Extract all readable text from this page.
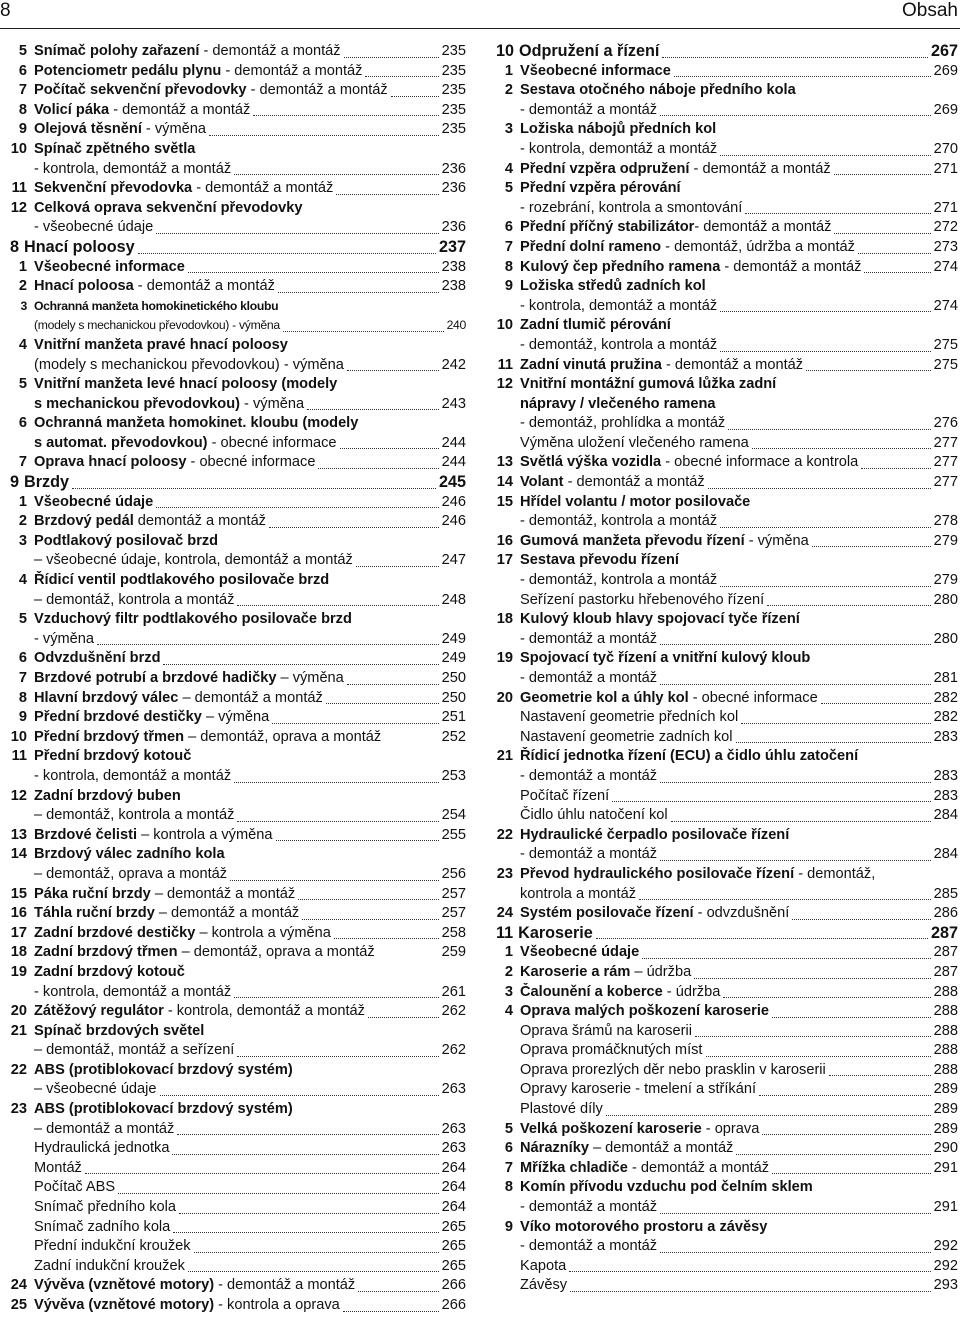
8	Obsah
5 Snímač polohy zařazení - demontáž a montáž	235
6 Potenciometr pedálu plynu - demontáž a montáž	235
7 Počítač sekvenční převodovky - demontáž a montáž	235
8 Volicí páka - demontáž a montáž	235
9 Olejová těsnění - výměna	235
10 Spínač zpětného světla
- kontrola, demontáž a montáž	236
11 Sekvenční převodovka - demontáž a montáž	236
12 Celková oprava sekvenční převodovky
- všeobecné údaje	236
8 Hnací poloosy	237
1 Všeobecné informace	238
2 Hnací poloosa - demontáž a montáž	238
3 Ochranná manžeta homokinetického kloubu
(modely s mechanickou převodovkou) - výměna	240
4 Vnitřní manžeta pravé hnací poloosy
(modely s mechanickou převodovkou) - výměna	242
5 Vnitřní manžeta levé hnací poloosy (modely
s mechanickou převodovkou) - výměna	243
6 Ochranná manžeta homokinet. kloubu (modely
s automat. převodovkou) - obecné informace	244
7 Oprava hnací poloosy - obecné informace	244
9 Brzdy	245
1 Všeobecné údaje	246
2 Brzdový pedál demontáž a montáž	246
3 Podtlakový posilovač brzd
– všeobecné údaje, kontrola, demontáž a montáž	247
4 Řídicí ventil podtlakového posilovače brzd
– demontáž, kontrola a montáž	248
5 Vzduchový filtr podtlakového posilovače brzd
- výměna	249
6 Odvzdušnění brzd	249
7 Brzdové potrubí a brzdové hadičky – výměna	250
8 Hlavní brzdový válec – demontáž a montáž	250
9 Přední brzdové destičky – výměna	251
10 Přední brzdový třmen – demontáž, oprava a montáž	252
11 Přední brzdový kotouč
- kontrola, demontáž a montáž	253
12 Zadní brzdový buben
– demontáž, kontrola a montáž	254
13 Brzdové čelisti – kontrola a výměna	255
14 Brzdový válec zadního kola
– demontáž, oprava a montáž	256
15 Páka ruční brzdy – demontáž a montáž	257
16 Táhla ruční brzdy – demontáž a montáž	257
17 Zadní brzdové destičky – kontrola a výměna	258
18 Zadní brzdový třmen – demontáž, oprava a montáž	259
19 Zadní brzdový kotouč
- kontrola, demontáž a montáž	261
20 Zátěžový regulátor - kontrola, demontáž a montáž	262
21 Spínač brzdových světel
– demontáž, montáž a seřízení	262
22 ABS (protiblokovací brzdový systém)
– všeobecné údaje	263
23 ABS (protiblokovací brzdový systém)
– demontáž a montáž	263
Hydraulická jednotka	263
Montáž	264
Počítač ABS	264
Snímač předního kola	264
Snímač zadního kola	265
Přední indukční kroužek	265
Zadní indukční kroužek	265
24 Vývěva (vznětové motory) - demontáž a montáž	266
25 Vývěva (vznětové motory) - kontrola a oprava	266
10 Odpružení a řízení	267
1 Všeobecné informace	269
2 Sestava otočného náboje předního kola
- demontáž a montáž	269
3 Ložiska nábojů předních kol
- kontrola, demontáž a montáž	270
4 Přední vzpěra odpružení - demontáž a montáž	271
5 Přední vzpěra pérování
- rozebrání, kontrola a smontování	271
6 Přední příčný stabilizátor- demontáž a montáž	272
7 Přední dolní rameno - demontáž, údržba a montáž	273
8 Kulový čep předního ramena - demontáž a montáž	274
9 Ložiska středů zadních kol
- kontrola, demontáž a montáž	274
10 Zadní tlumič pérování
- demontáž, kontrola a montáž	275
11 Zadní vinutá pružina - demontáž a montáž	275
12 Vnitřní montážní gumová lůžka zadní
nápravy / vlečeného ramena
- demontáž, prohlídka a montáž	276
Výměna uložení vlečeného ramena	277
13 Světlá výška vozidla - obecné informace a kontrola	277
14 Volant - demontáž a montáž	277
15 Hřídel volantu / motor posilovače
- demontáž, kontrola a montáž	278
16 Gumová manžeta převodu řízení - výměna	279
17 Sestava převodu řízení
- demontáž, kontrola a montáž	279
Seřízení pastorku hřebenového řízení	280
18 Kulový kloub hlavy spojovací tyče řízení
- demontáž a montáž	280
19 Spojovací tyč řízení a vnitřní kulový kloub
- demontáž a montáž	281
20 Geometrie kol a úhly kol - obecné informace	282
Nastavení geometrie předních kol	282
Nastavení geometrie zadních kol	283
21 Řídicí jednotka řízení (ECU) a čidlo úhlu zatočení
- demontáž a montáž	283
Počítač řízení	283
Čidlo úhlu natočení kol	284
22 Hydraulické čerpadlo posilovače řízení
- demontáž a montáž	284
23 Převod hydraulického posilovače řízení - demontáž,
kontrola a montáž	285
24 Systém posilovače řízení - odvzdušnění	286
11 Karoserie	287
1 Všeobecné údaje	287
2 Karoserie a rám – údržba	287
3 Čalounění a koberce - údržba	288
4 Oprava malých poškození karoserie	288
Oprava šrámů na karoserii	288
Oprava promáčknutých míst	288
Oprava prorezlých děr nebo prasklin v karoserii	288
Opravy karoserie - tmelení a stříkání	289
Plastové díly	289
5 Velká poškození karoserie - oprava	289
6 Nárazníky – demontáž a montáž	290
7 Mřížka chladiče - demontáž a montáž	291
8 Komín přívodu vzduchu pod čelním sklem
- demontáž a montáž	291
9 Víko motorového prostoru a závěsy
- demontáž a montáž	292
Kapota	292
Závěsy	293
